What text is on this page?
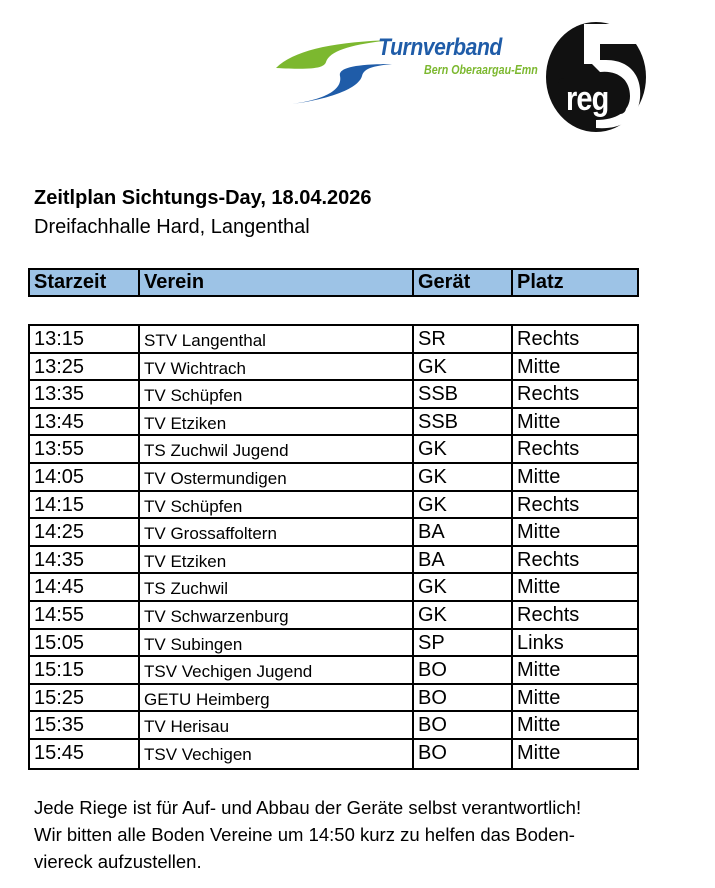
Turnverband
Bern Oberaargau-Emn
reg
Zeitlplan Sichtungs-Day, 18.04.2026
Dreifachhalle Hard, Langenthal
Starzeit	Verein	Gerät	Platz
13:15	STV Langenthal	SR	Rechts
13:25	TV Wichtrach	GK	Mitte
13:35	TV Schüpfen	SSB	Rechts
13:45	TV Etziken	SSB	Mitte
13:55	TS Zuchwil Jugend	GK	Rechts
14:05	TV Ostermundigen	GK	Mitte
14:15	TV Schüpfen	GK	Rechts
14:25	TV Grossaffoltern	BA	Mitte
14:35	TV Etziken	BA	Rechts
14:45	TS Zuchwil	GK	Mitte
14:55	TV Schwarzenburg	GK	Rechts
15:05	TV Subingen	SP	Links
15:15	TSV Vechigen Jugend	BO	Mitte
15:25	GETU Heimberg	BO	Mitte
15:35	TV Herisau	BO	Mitte
15:45	TSV Vechigen	BO	Mitte

Jede Riege ist für Auf- und Abbau der Geräte selbst verantwortlich!

Wir bitten alle Boden Vereine um 14:50 kurz zu helfen das Boden-

viereck aufzustellen.
